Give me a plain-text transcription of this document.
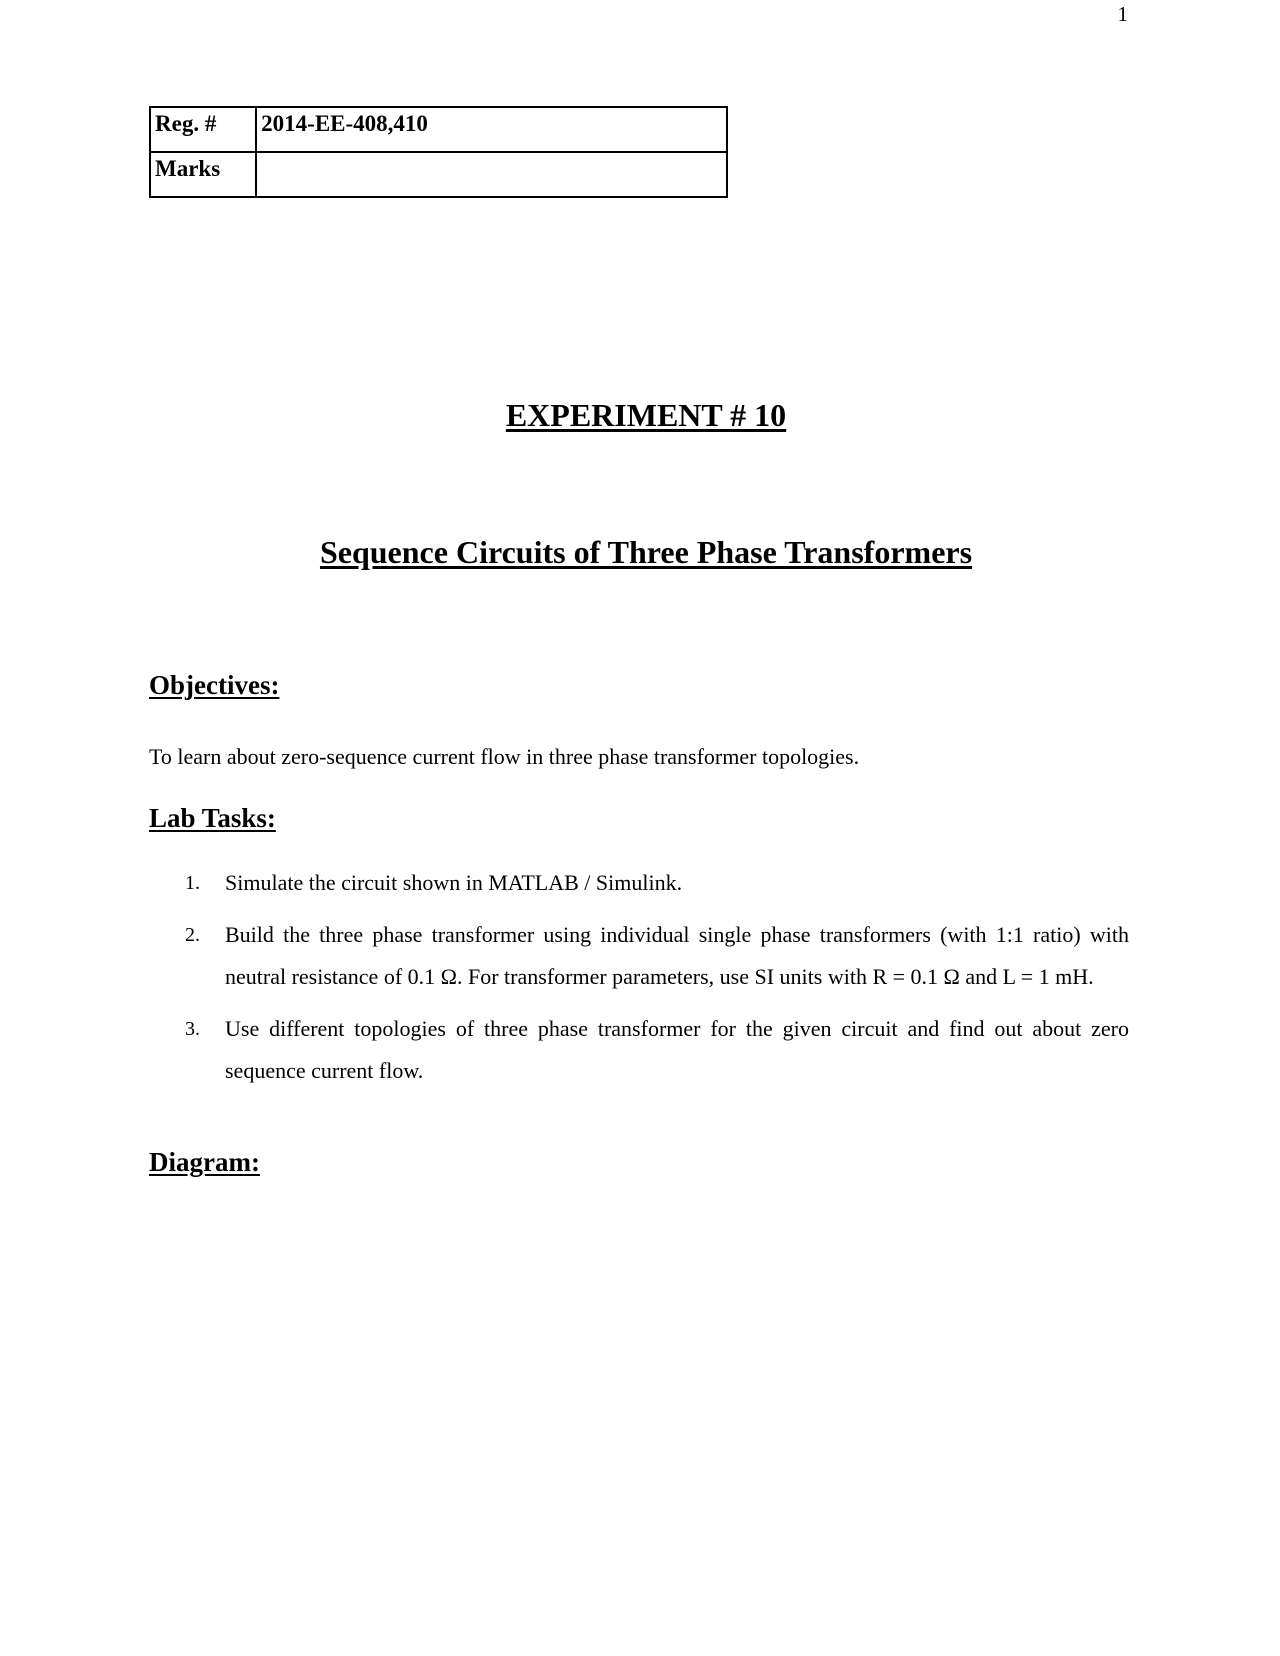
1
Reg. #	2014-EE-408,410
Marks	
EXPERIMENT # 10
Sequence Circuits of Three Phase Transformers
Objectives:
To learn about zero-sequence current flow in three phase transformer topologies.
Lab Tasks:
1. Simulate the circuit shown in MATLAB / Simulink.
2. Build the three phase transformer using individual single phase transformers (with 1:1 ratio) with neutral resistance of 0.1 Ω. For transformer parameters, use SI units with R = 0.1 Ω and L = 1 mH.
3. Use different topologies of three phase transformer for the given circuit and find out about zero sequence current flow.
Diagram:
